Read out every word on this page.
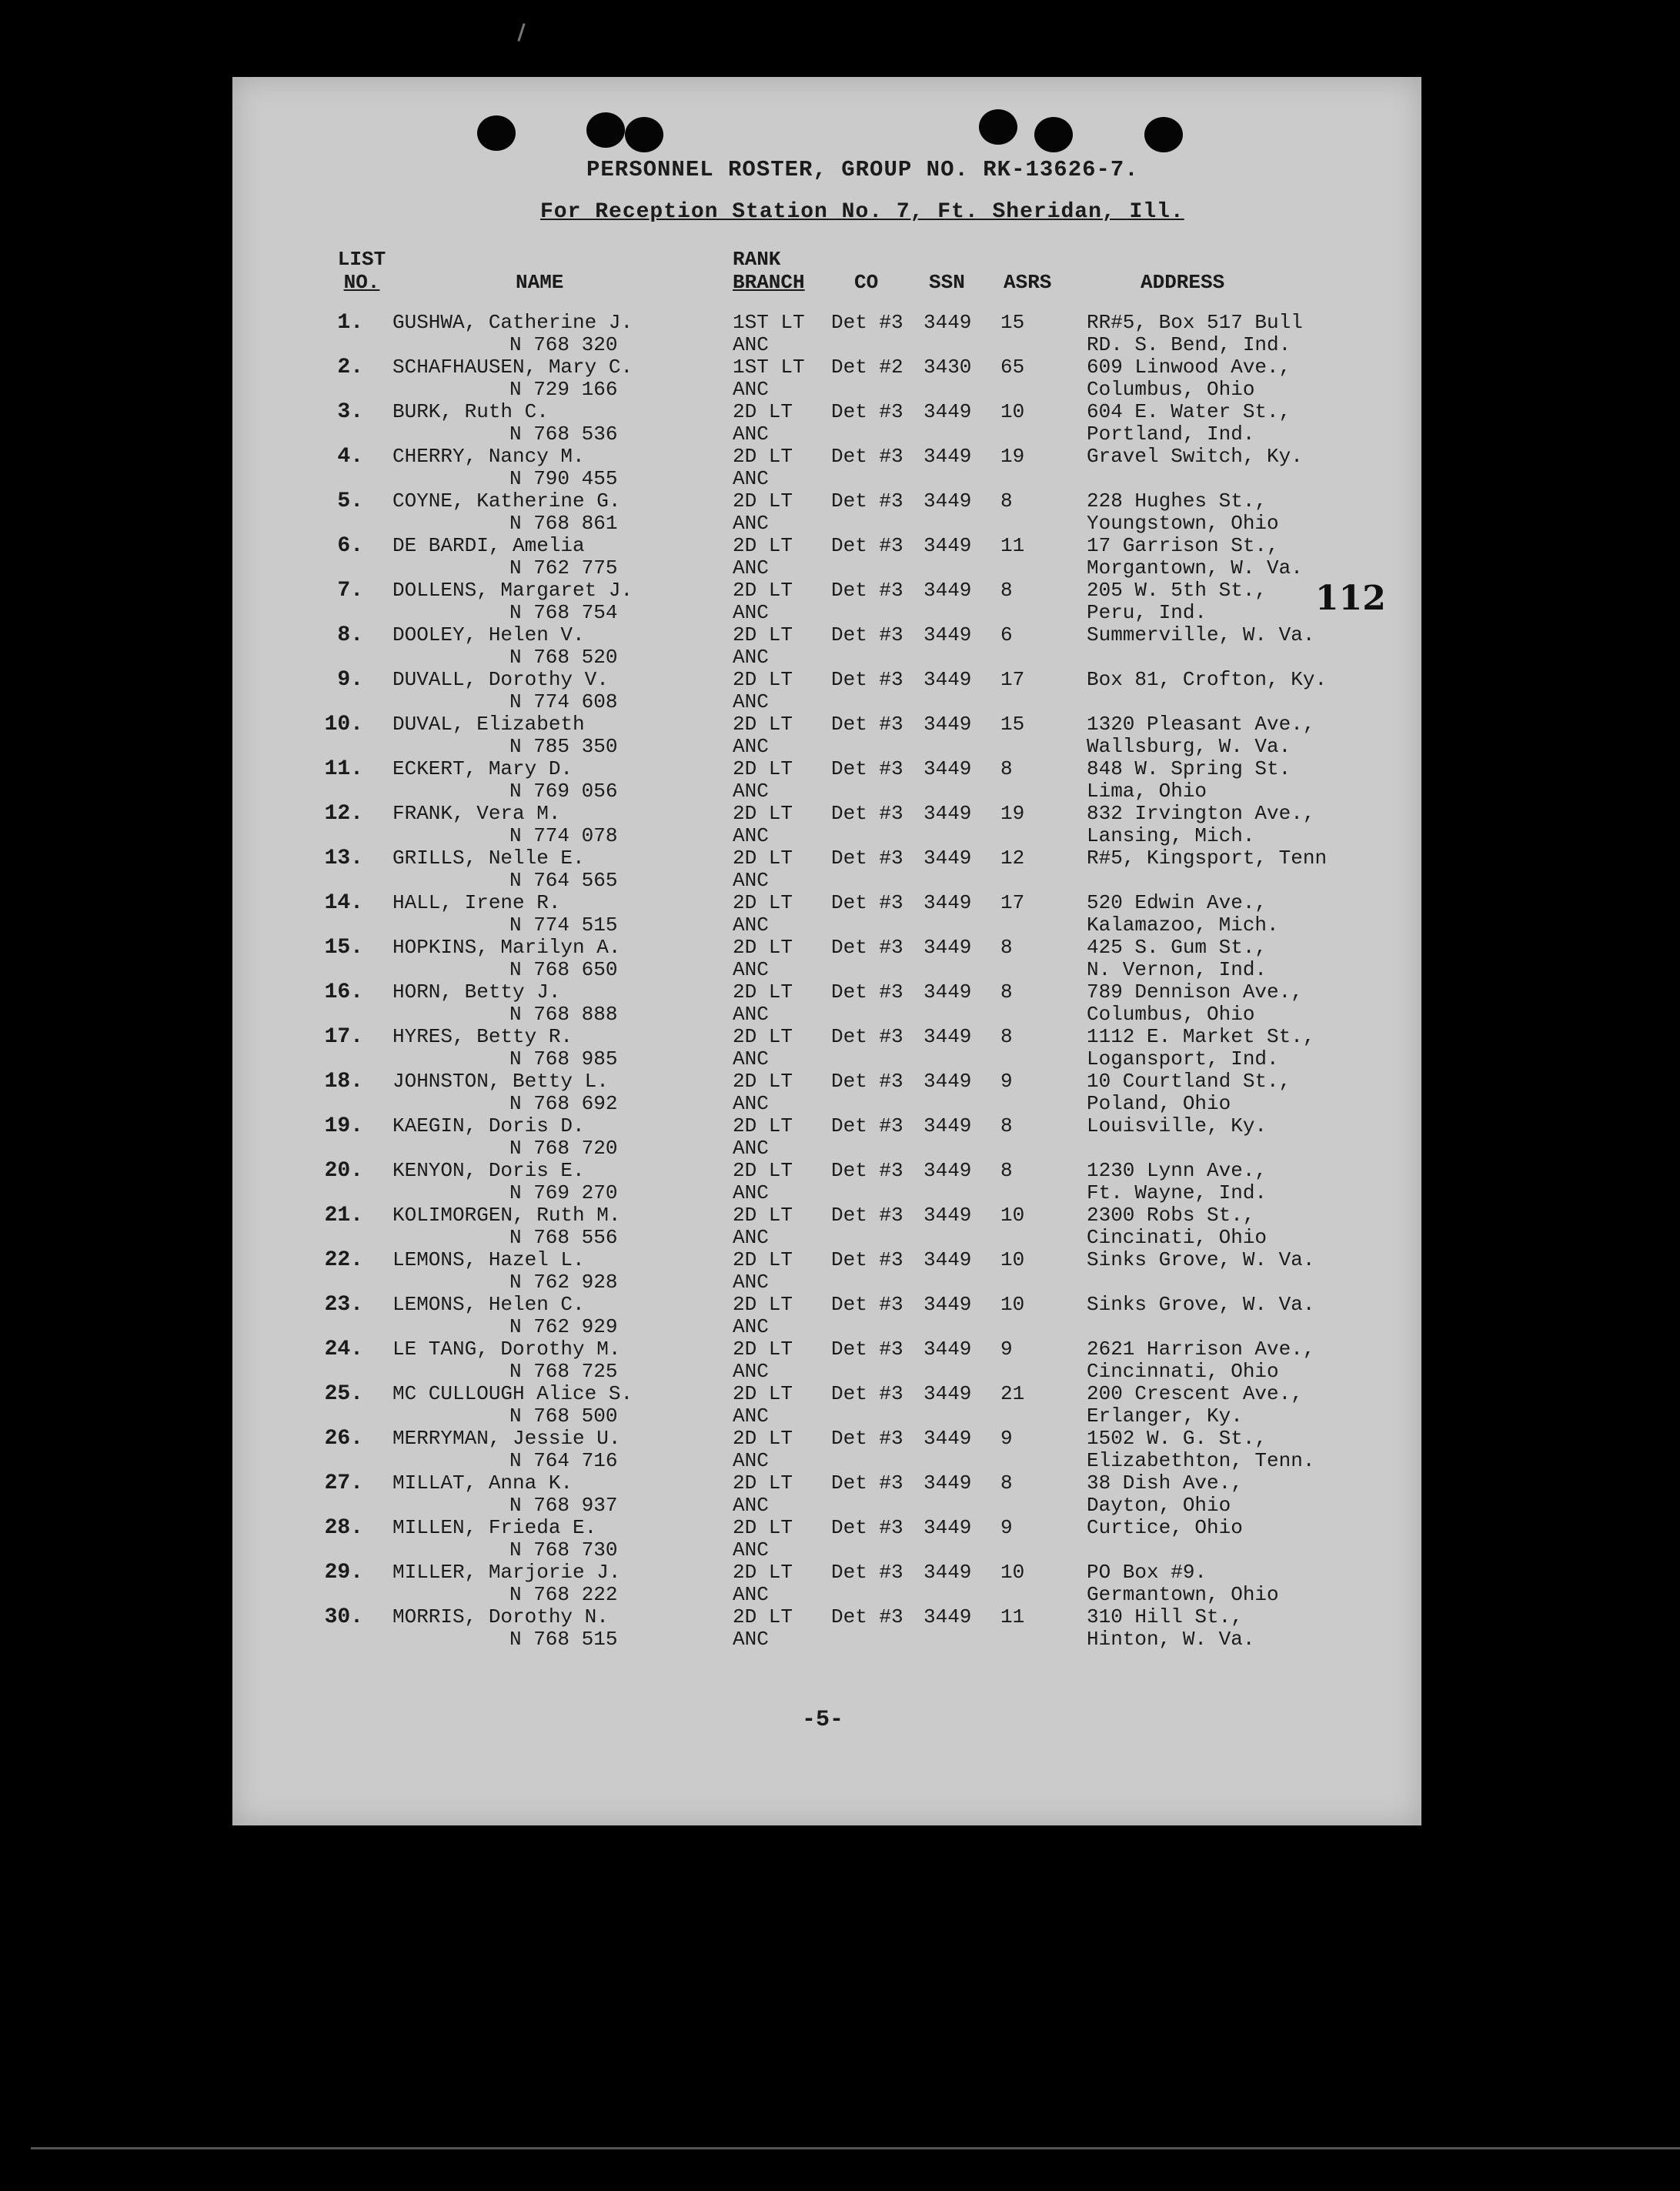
PERSONNEL ROSTER, GROUP NO. RK-13626-7.
For Reception Station No. 7, Ft. Sheridan, Ill.
LIST
NO.	NAME
RANK
BRANCH CO	SSN ASRS	ADDRESS
1. GUSHWA, Catherine J.
N 768 320
1ST LT
ANC
Det #3 3449 15	RR#5, Box 517 Bull
RD. S. Bend, Ind.
2. SCHAFHAUSEN, Mary C.
N 729 166
1ST LT
ANC
Det #2 3430 65	609 Linwood Ave.,
Columbus, Ohio
3. BURK, Ruth C.
N 768 536
2D LT
ANC
Det #3 3449 10	604 E. Water St.,
Portland, Ind.
4. CHERRY, Nancy M.
N 790 455
2D LT
ANC
Det #3 3449 19	Gravel Switch, Ky.
5. COYNE, Katherine G.
N 768 861
2D LT
ANC
Det #3 3449 8	228 Hughes St.,
Youngstown, Ohio
6. DE BARDI, Amelia
N 762 775
2D LT
ANC
Det #3 3449 11	17 Garrison St.,
Morgantown, W. Va.
7. DOLLENS, Margaret J.
N 768 754
2D LT
ANC
Det #3 3449 8	205 W. 5th St.,
Peru, Ind.
8. DOOLEY, Helen V.
N 768 520
2D LT
ANC
Det #3 3449 6	Summerville, W. Va.
9. DUVALL, Dorothy V.
N 774 608
2D LT
ANC
Det #3 3449 17	Box 81, Crofton, Ky.
10. DUVAL, Elizabeth
N 785 350
2D LT
ANC
Det #3 3449 15	1320 Pleasant Ave.,
Wallsburg, W. Va.
11. ECKERT, Mary D.
N 769 056
2D LT
ANC
Det #3 3449 8	848 W. Spring St.
Lima, Ohio
12. FRANK, Vera M.
N 774 078
2D LT
ANC
Det #3 3449 19	832 Irvington Ave.,
Lansing, Mich.
13. GRILLS, Nelle E.
N 764 565
2D LT
ANC
Det #3 3449 12	R#5, Kingsport, Tenn
14. HALL, Irene R.
N 774 515
2D LT
ANC
Det #3 3449 17	520 Edwin Ave.,
Kalamazoo, Mich.
15. HOPKINS, Marilyn A.
N 768 650
2D LT
ANC
Det #3 3449 8	425 S. Gum St.,
N. Vernon, Ind.
16. HORN, Betty J.
N 768 888
2D LT
ANC
Det #3 3449 8	789 Dennison Ave.,
Columbus, Ohio
17. HYRES, Betty R.
N 768 985
2D LT
ANC
Det #3 3449 8	1112 E. Market St.,
Logansport, Ind.
18. JOHNSTON, Betty L.
N 768 692
2D LT
ANC
Det #3 3449 9	10 Courtland St.,
Poland, Ohio
19. KAEGIN, Doris D.
N 768 720
2D LT
ANC
Det #3 3449 8	Louisville, Ky.
20. KENYON, Doris E.
N 769 270
2D LT
ANC
Det #3 3449 8	1230 Lynn Ave.,
Ft. Wayne, Ind.
21. KOLIMORGEN, Ruth M.
N 768 556
2D LT
ANC
Det #3 3449 10	2300 Robs St.,
Cincinati, Ohio
22. LEMONS, Hazel L.
N 762 928
2D LT
ANC
Det #3 3449 10	Sinks Grove, W. Va.
23. LEMONS, Helen C.
N 762 929
2D LT
ANC
Det #3 3449 10	Sinks Grove, W. Va.
24. LE TANG, Dorothy M.
N 768 725
2D LT
ANC
Det #3 3449 9	2621 Harrison Ave.,
Cincinnati, Ohio
25. MC CULLOUGH Alice S.
N 768 500
2D LT
ANC
Det #3 3449 21	200 Crescent Ave.,
Erlanger, Ky.
26. MERRYMAN, Jessie U.
N 764 716
2D LT
ANC
Det #3 3449 9	1502 W. G. St.,
Elizabethton, Tenn.
27. MILLAT, Anna K.
N 768 937
2D LT
ANC
Det #3 3449 8	38 Dish Ave.,
Dayton, Ohio
28. MILLEN, Frieda E.
N 768 730
2D LT
ANC
Det #3 3449 9	Curtice, Ohio
29. MILLER, Marjorie J.
N 768 222
2D LT
ANC
Det #3 3449 10	PO Box #9.
Germantown, Ohio
30. MORRIS, Dorothy N.
N 768 515
2D LT
ANC
Det #3 3449 11	310 Hill St.,
Hinton, W. Va.
112
-5-
